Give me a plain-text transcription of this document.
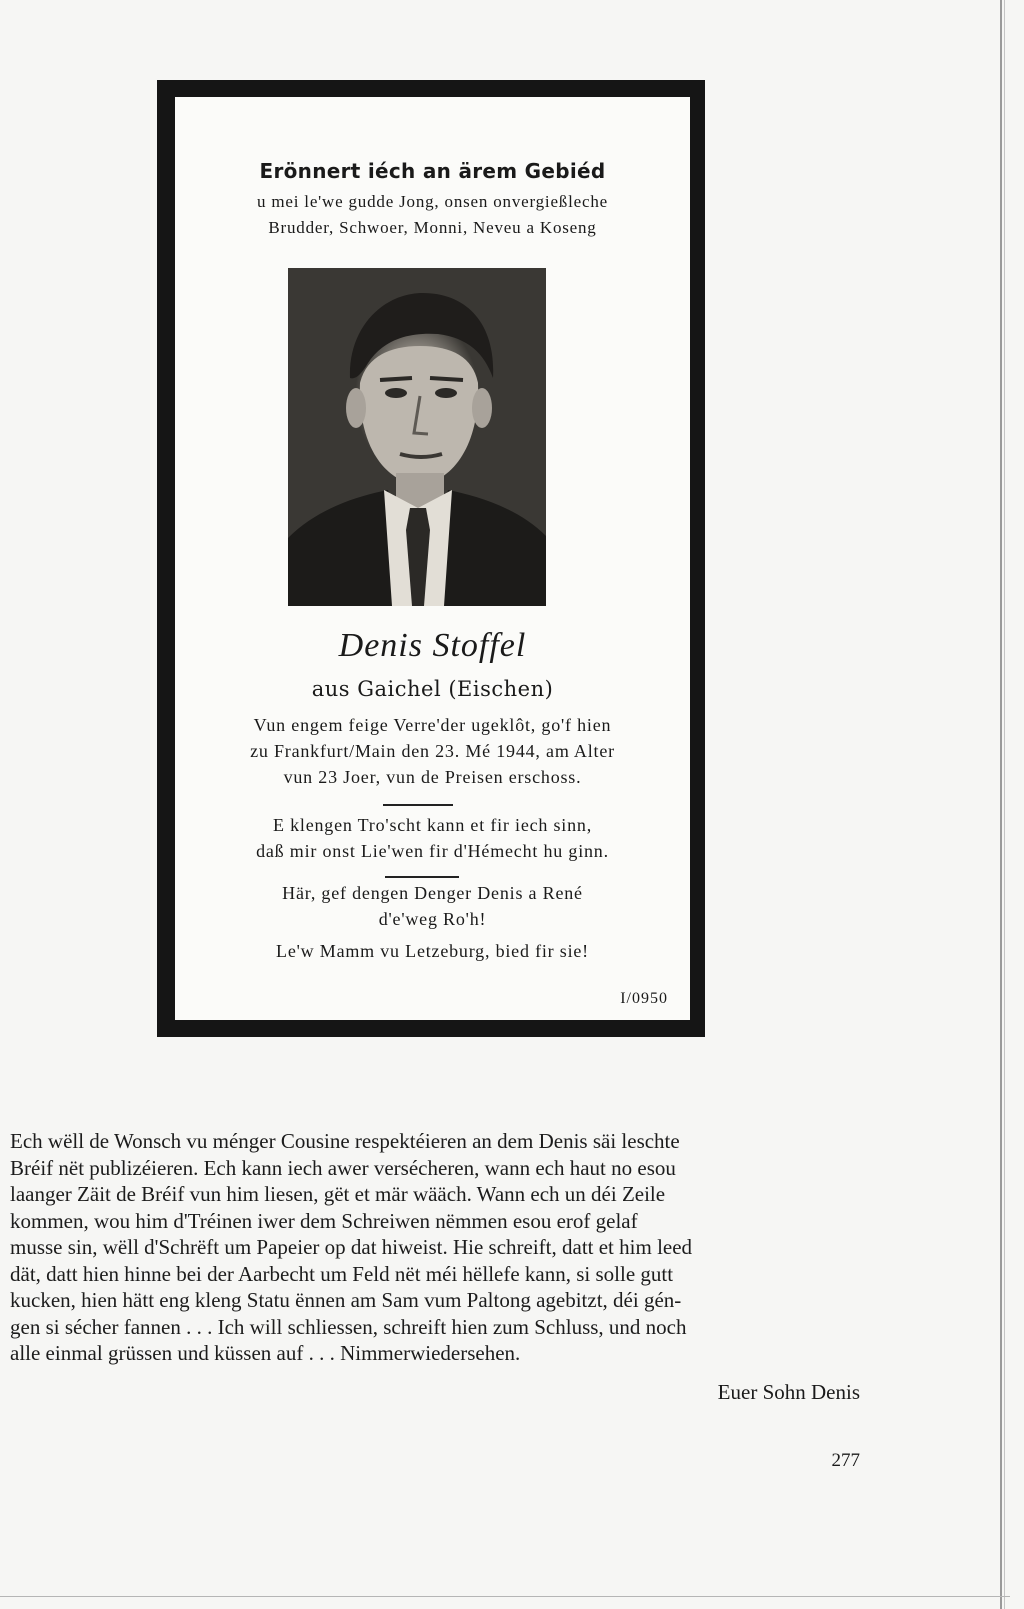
Erönnert iéch an ärem Gebiéd
u mei le'we gudde Jong, onsen onvergießleche
Brudder, Schwoer, Monni, Neveu a Koseng
Denis Stoffel
aus Gaichel (Eischen)
Vun engem feige Verre'der ugeklôt, go'f hien
zu Frankfurt/Main den 23. Mé 1944, am Alter
vun 23 Joer, vun de Preisen erschoss.
E klengen Tro'scht kann et fir iech sinn,
daß mir onst Lie'wen fir d'Hémecht hu ginn.
Här, gef dengen Denger Denis a René
d'e'weg Ro'h!
Le'w Mamm vu Letzeburg, bied fir sie!
I/0950

Ech wëll de Wonsch vu ménger Cousine respektéieren an dem Denis säi leschte

Bréif nët publizéieren. Ech kann iech awer versécheren, wann ech haut no esou

laanger Zäit de Bréif vun him liesen, gët et mär wääch. Wann ech un déi Zeile

kommen, wou him d'Tréinen iwer dem Schreiwen nëmmen esou erof gelaf

musse sin, wëll d'Schrëft um Papeier op dat hiweist. Hie schreift, datt et him leed

dät, datt hien hinne bei der Aarbecht um Feld nët méi hëllefe kann, si solle gutt

kucken, hien hätt eng kleng Statu ënnen am Sam vum Paltong agebitzt, déi gén-

gen si sécher fannen . . . Ich will schliessen, schreift hien zum Schluss, und noch

alle einmal grüssen und küssen auf . . . Nimmerwiedersehen.

Euer Sohn Denis
277
